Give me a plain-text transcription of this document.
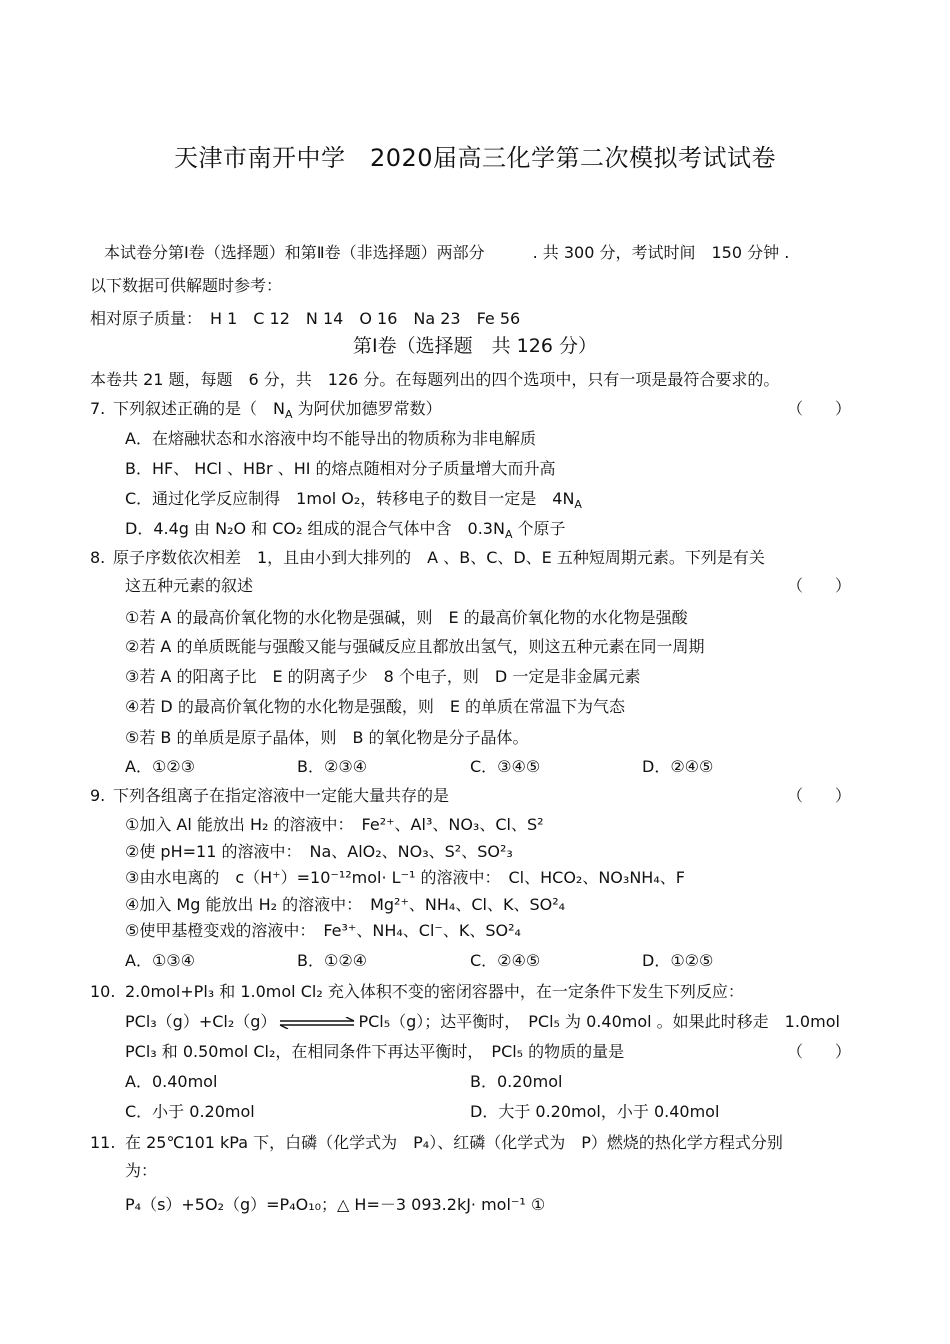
天津市南开中学　2020届高三化学第二次模拟考试试卷
本试卷分第Ⅰ卷（选择题）和第Ⅱ卷（非选择题）两部分　　　. 共 300 分，考试时间　150 分钟 .
以下数据可供解题时参考：
相对原子质量：　H 1　C 12　N 14　O 16　Na 23　Fe 56
第Ⅰ卷（选择题　共 126 分）
本卷共 21 题，每题　6 分，共　126 分。在每题列出的四个选项中，只有一项是最符合要求的。
7. 下列叙述正确的是（　$N_A$ 为阿伏加德罗常数）	（　　）
A．在熔融状态和水溶液中均不能导出的物质称为非电解质
B．HF、 HCl 、HBr 、HI 的熔点随相对分子质量增大而升高
C．通过化学反应制得　1mol O₂，转移电子的数目一定是　$4N_A$
D．4.4g 由 N₂O 和 CO₂ 组成的混合气体中含　$0.3N_A$ 个原子
8. 原子序数依次相差　1，且由小到大排列的　A 、B、C、D、E 五种短周期元素。下列是有关
这五种元素的叙述	（　　）
①若 A 的最高价氧化物的水化物是强碱，则　E 的最高价氧化物的水化物是强酸
②若 A 的单质既能与强酸又能与强碱反应且都放出氢气，则这五种元素在同一周期
③若 A 的阳离子比　E 的阴离子少　8 个电子，则　D 一定是非金属元素
④若 D 的最高价氧化物的水化物是强酸，则　E 的单质在常温下为气态
⑤若 B 的单质是原子晶体，则　B 的氧化物是分子晶体。
A．①②③	B．②③④	C．③④⑤	D．②④⑤
9. 下列各组离子在指定溶液中一定能大量共存的是	（　　）
①加入 Al 能放出 H₂ 的溶液中：　Fe²⁺、Al³、NO₃、Cl、S²
②使 pH=11 的溶液中：　Na、AlO₂、NO₃、S²、SO²₃
③由水电离的　c（H⁺）=10⁻¹²mol· L⁻¹ 的溶液中：　Cl、HCO₂、NO₃NH₄、F
④加入 Mg 能放出 H₂ 的溶液中：　Mg²⁺、NH₄、Cl、K、SO²₄
⑤使甲基橙变戏的溶液中：　Fe³⁺、NH₄、Cl⁻、K、SO²₄
A．①③④	B．①②④	C．②④⑤	D．①②⑤
10. 2.0mol+Pl₃ 和 1.0mol Cl₂ 充入体积不变的密闭容器中，在一定条件下发生下列反应：
PCl₃（g）+Cl₂（g）	PCl₅（g）；达平衡时，　PCl₅ 为 0.40mol 。如果此时移走　1.0mol
PCl₃ 和 0.50mol Cl₂，在相同条件下再达平衡时，　PCl₅ 的物质的量是	（　　）
A．0.40mol	B．0.20mol
C．小于 0.20mol	D．大于 0.20mol，小于 0.40mol
11. 在 25℃101 kPa 下，白磷（化学式为　P₄）、红磷（化学式为　P）燃烧的热化学方程式分别
为：
P₄（s）+5O₂（g）=P₄O₁₀；△ H=－3 093.2kJ· mol⁻¹ ①
